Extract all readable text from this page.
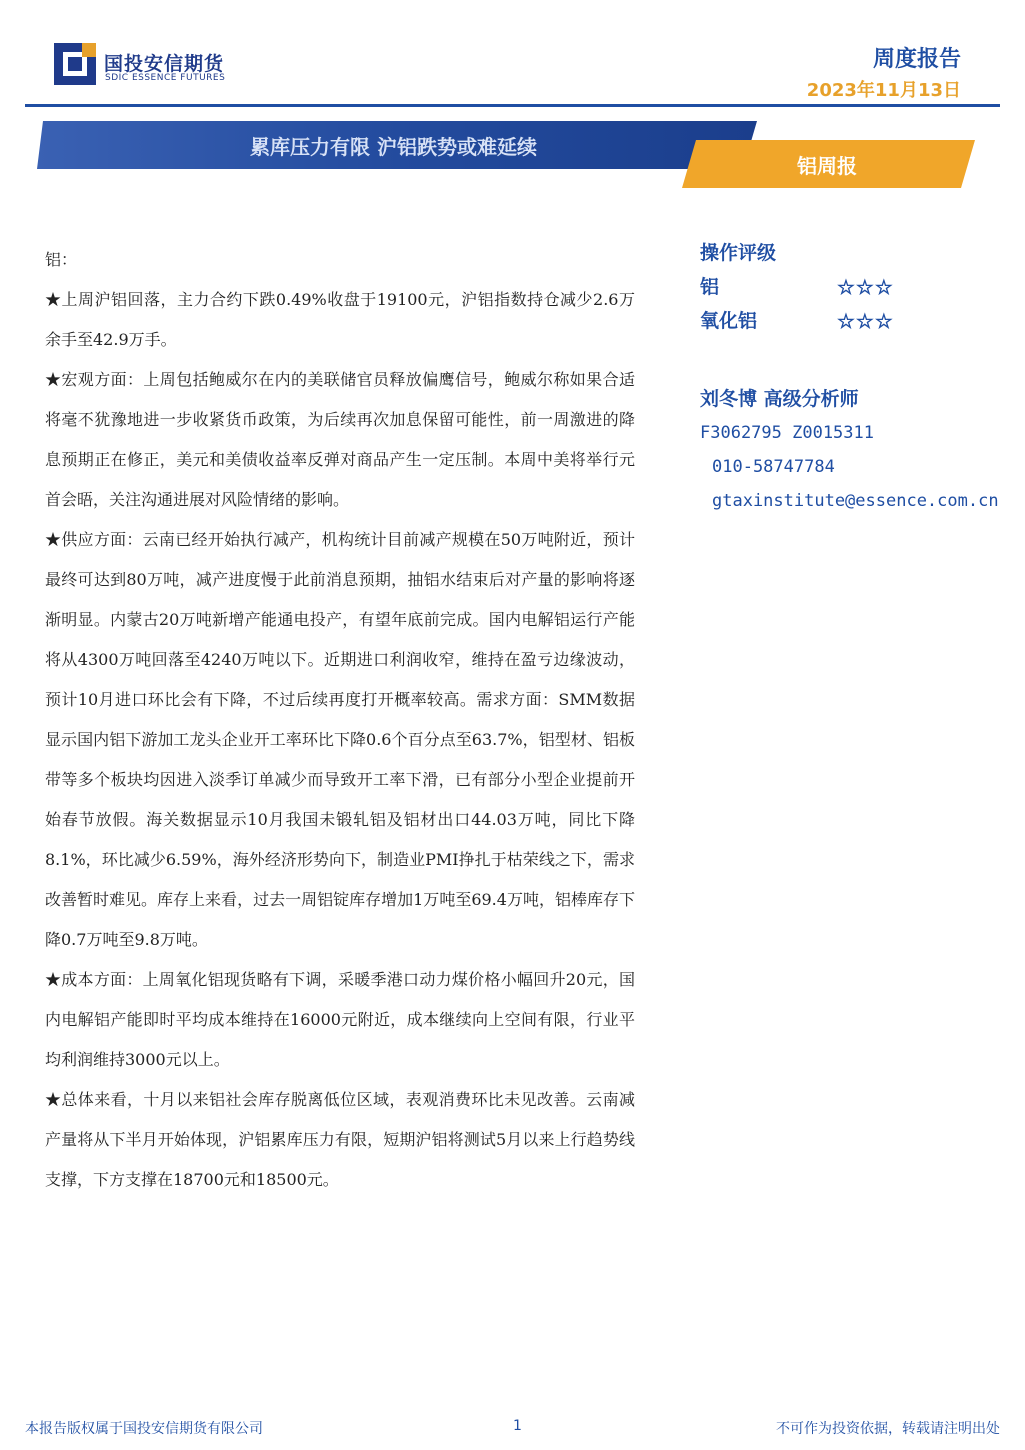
国投安信期货
SDIC ESSENCE FUTURES
周度报告
2023年11月13日
累库压力有限 沪铝跌势或难延续
铝周报

铝：

★上周沪铝回落，主力合约下跌0.49%收盘于19100元，沪铝指数持仓减少2.6万余手至42.9万手。

★宏观方面：上周包括鲍威尔在内的美联储官员释放偏鹰信号，鲍威尔称如果合适将毫不犹豫地进一步收紧货币政策，为后续再次加息保留可能性，前一周激进的降息预期正在修正，美元和美债收益率反弹对商品产生一定压制。本周中美将举行元首会晤，关注沟通进展对风险情绪的影响。

★供应方面：云南已经开始执行减产，机构统计目前减产规模在50万吨附近，预计最终可达到80万吨，减产进度慢于此前消息预期，抽铝水结束后对产量的影响将逐渐明显。内蒙古20万吨新增产能通电投产，有望年底前完成。国内电解铝运行产能将从4300万吨回落至4240万吨以下。近期进口利润收窄，维持在盈亏边缘波动，预计10月进口环比会有下降，不过后续再度打开概率较高。需求方面：SMM数据显示国内铝下游加工龙头企业开工率环比下降0.6个百分点至63.7%，铝型材、铝板带等多个板块均因进入淡季订单减少而导致开工率下滑，已有部分小型企业提前开始春节放假。海关数据显示10月我国未锻轧铝及铝材出口44.03万吨，同比下降8.1%，环比减少6.59%，海外经济形势向下，制造业PMI挣扎于枯荣线之下，需求改善暂时难见。库存上来看，过去一周铝锭库存增加1万吨至69.4万吨，铝棒库存下降0.7万吨至9.8万吨。

★成本方面：上周氧化铝现货略有下调，采暖季港口动力煤价格小幅回升20元，国内电解铝产能即时平均成本维持在16000元附近，成本继续向上空间有限，行业平均利润维持3000元以上。

★总体来看，十月以来铝社会库存脱离低位区域，表观消费环比未见改善。云南减产量将从下半月开始体现，沪铝累库压力有限，短期沪铝将测试5月以来上行趋势线支撑，下方支撑在18700元和18500元。

操作评级
铝	☆☆☆
氧化铝	☆☆☆
刘冬博 高级分析师
F3062795 Z0015311
010-58747784
gtaxinstitute@essence.com.cn
本报告版权属于国投安信期货有限公司	1	不可作为投资依据，转载请注明出处
